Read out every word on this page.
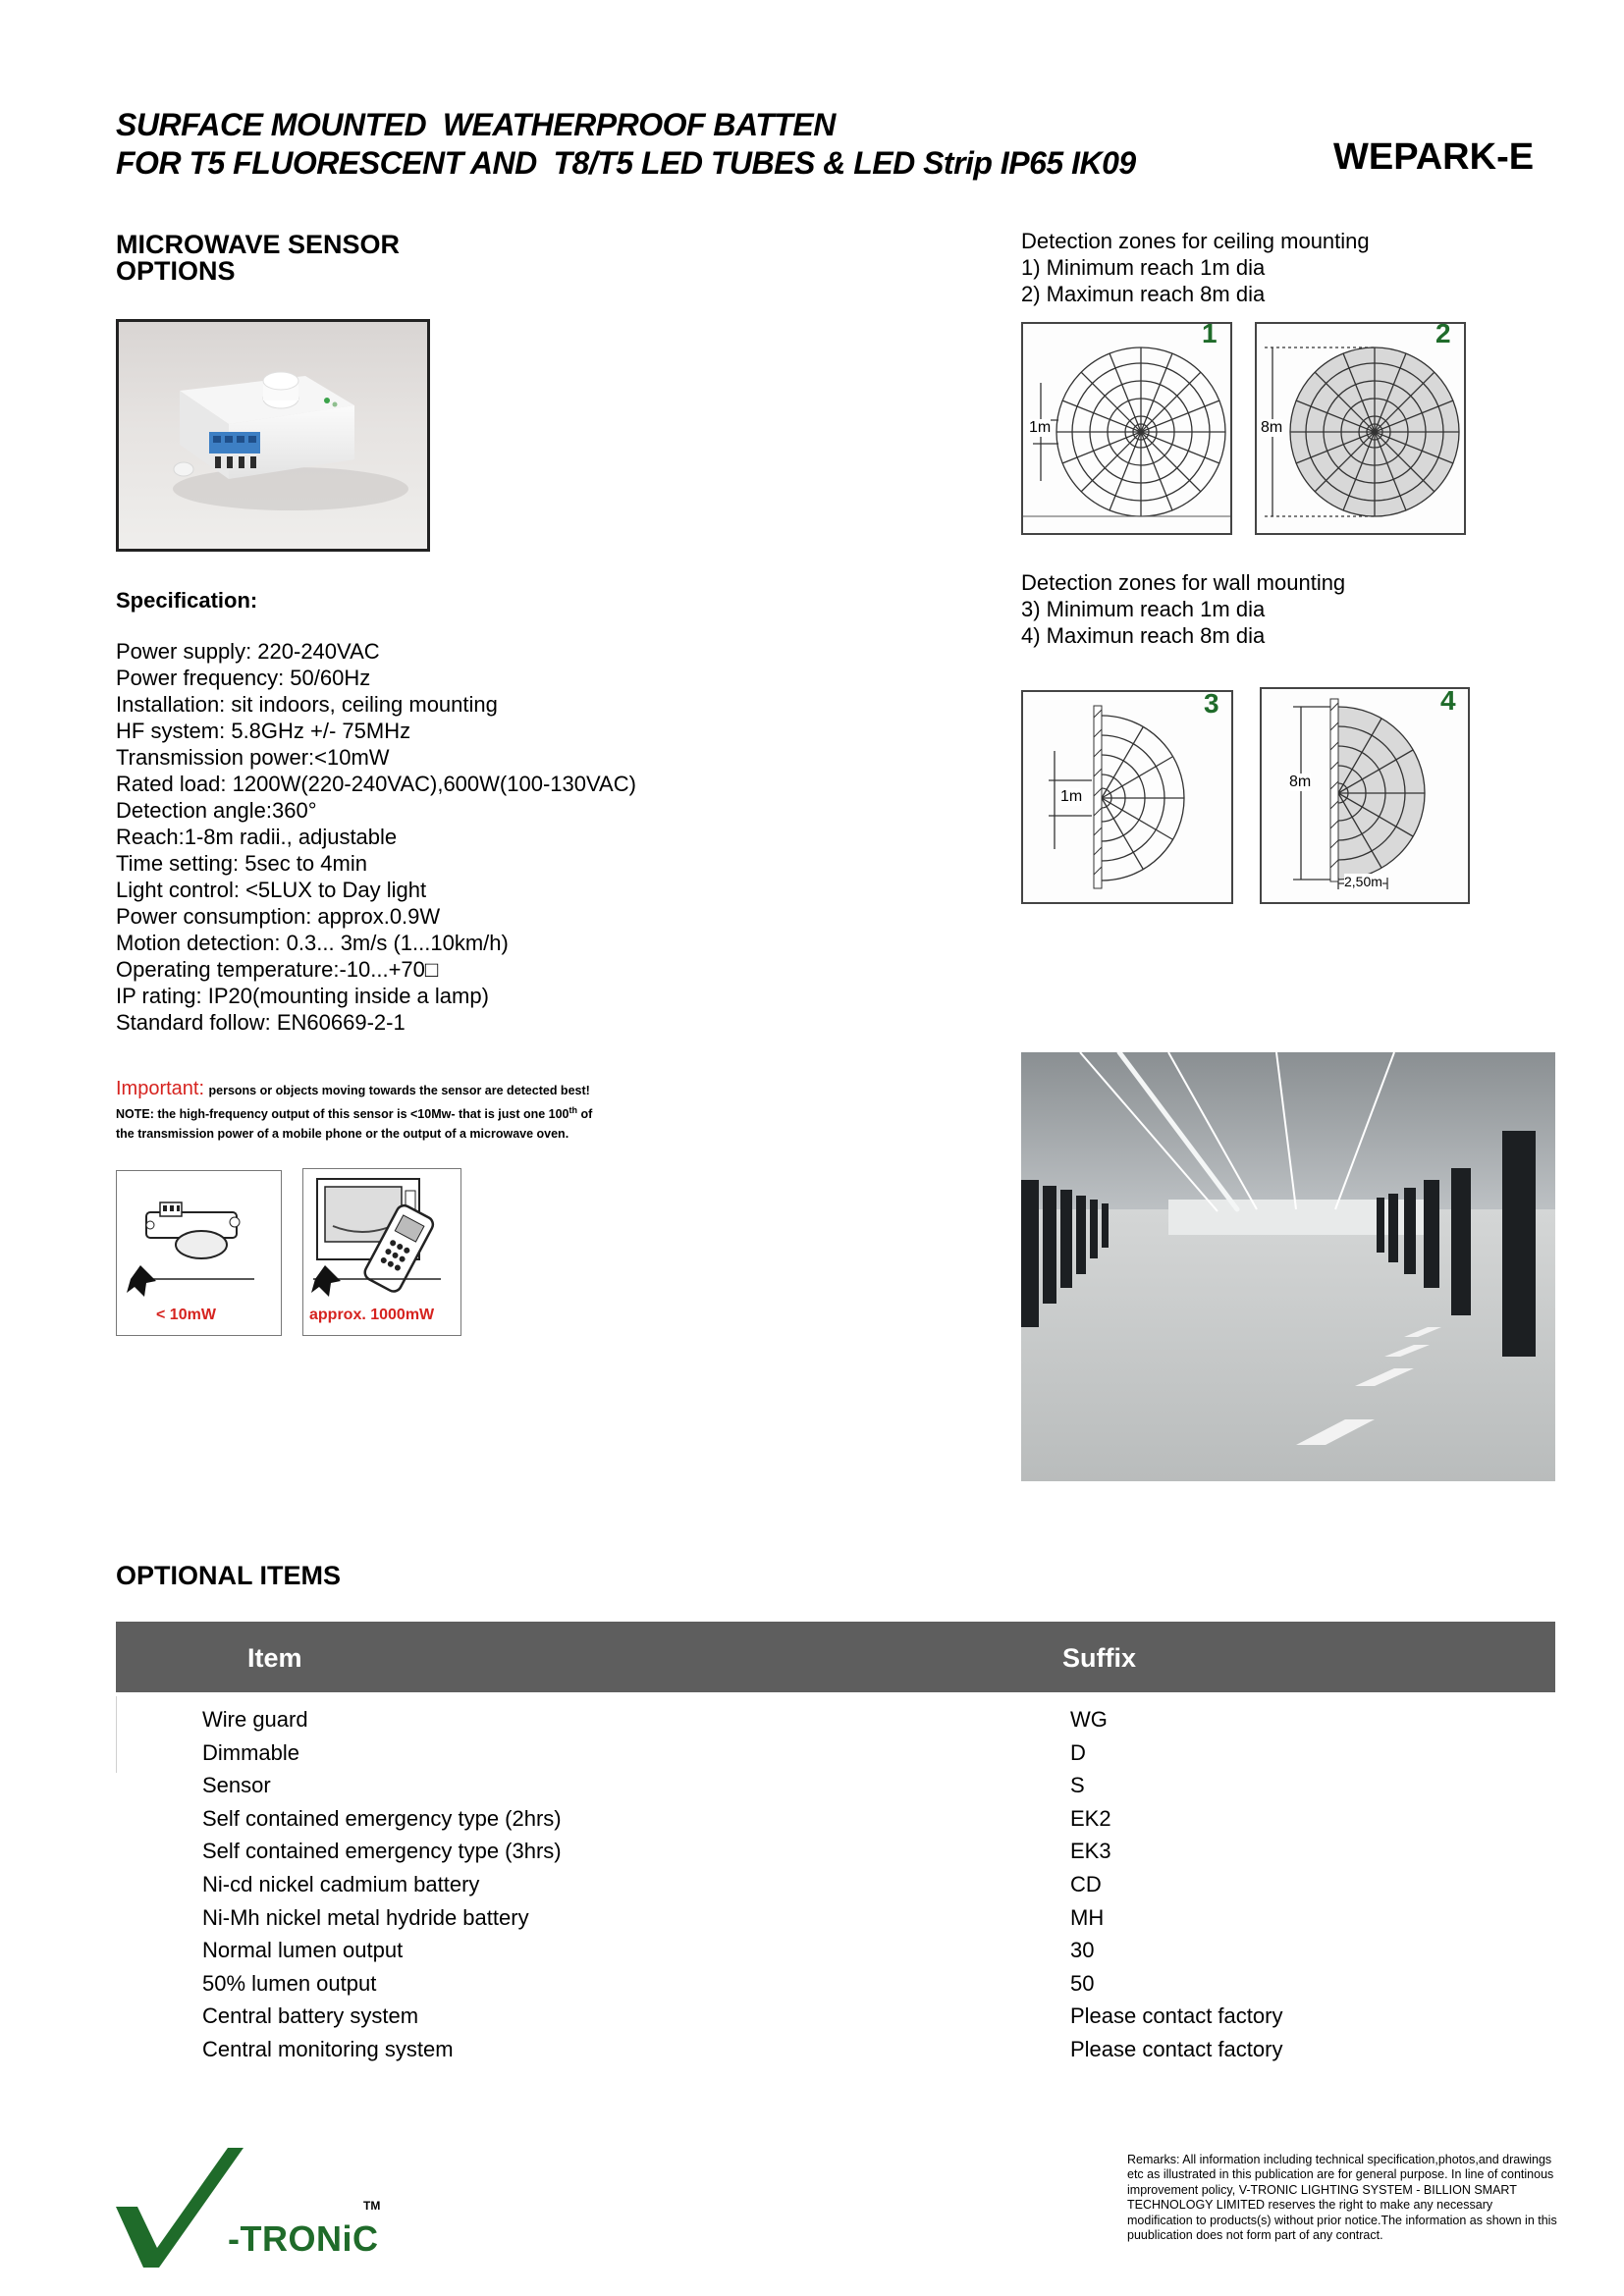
SURFACE MOUNTED  WEATHERPROOF BATTEN
FOR T5 FLUORESCENT AND  T8/T5 LED TUBES & LED Strip IP65 IK09	WEPARK-E
MICROWAVE SENSOR
OPTIONS
Specification:
Power supply: 220-240VAC
Power frequency: 50/60Hz
Installation: sit indoors, ceiling mounting
HF system: 5.8GHz +/- 75MHz
Transmission power:<10mW
Rated load: 1200W(220-240VAC),600W(100-130VAC)
Detection angle:360°
Reach:1-8m radii., adjustable
Time setting: 5sec to 4min
Light control: <5LUX to Day light
Power consumption: approx.0.9W
Motion detection: 0.3... 3m/s (1...10km/h)
Operating temperature:-10...+70□
IP rating: IP20(mounting inside a lamp)
Standard follow: EN60669-2-1
Important: persons or objects moving towards the sensor are detected best!
NOTE: the high-frequency output of this sensor is <10Mw- that is just one 100th of
the transmission power of a mobile phone or the output of a microwave oven.
< 10mW	approx. 1000mW
Detection zones for ceiling mounting
1) Minimum reach 1m dia
2) Maximun reach 8m dia
1
1m
2
8m
Detection zones for wall mounting
3) Minimum reach 1m dia
4) Maximun reach 8m dia
3
1m
4
8m
2,50m
OPTIONAL ITEMS
Item	Suffix
Wire guard	WG
Dimmable	D
Sensor	S
Self contained emergency type (2hrs)	EK2
Self contained emergency type (3hrs)	EK3
Ni-cd nickel cadmium battery	CD
Ni-Mh nickel metal hydride battery	MH
Normal lumen output	30
50% lumen output	50
Central battery system	Please contact factory
Central monitoring system	Please contact factory
-TRONiC
TM
Remarks: All information including technical specification,photos,and drawings etc as illustrated in this publication are for general purpose. In line of continous improvement policy, V-TRONIC LIGHTING SYSTEM - BILLION SMART TECHNOLOGY LIMITED reserves the right to make any necessary modification to products(s) without prior notice.The information as shown in this puublication does not form part of any contract.
